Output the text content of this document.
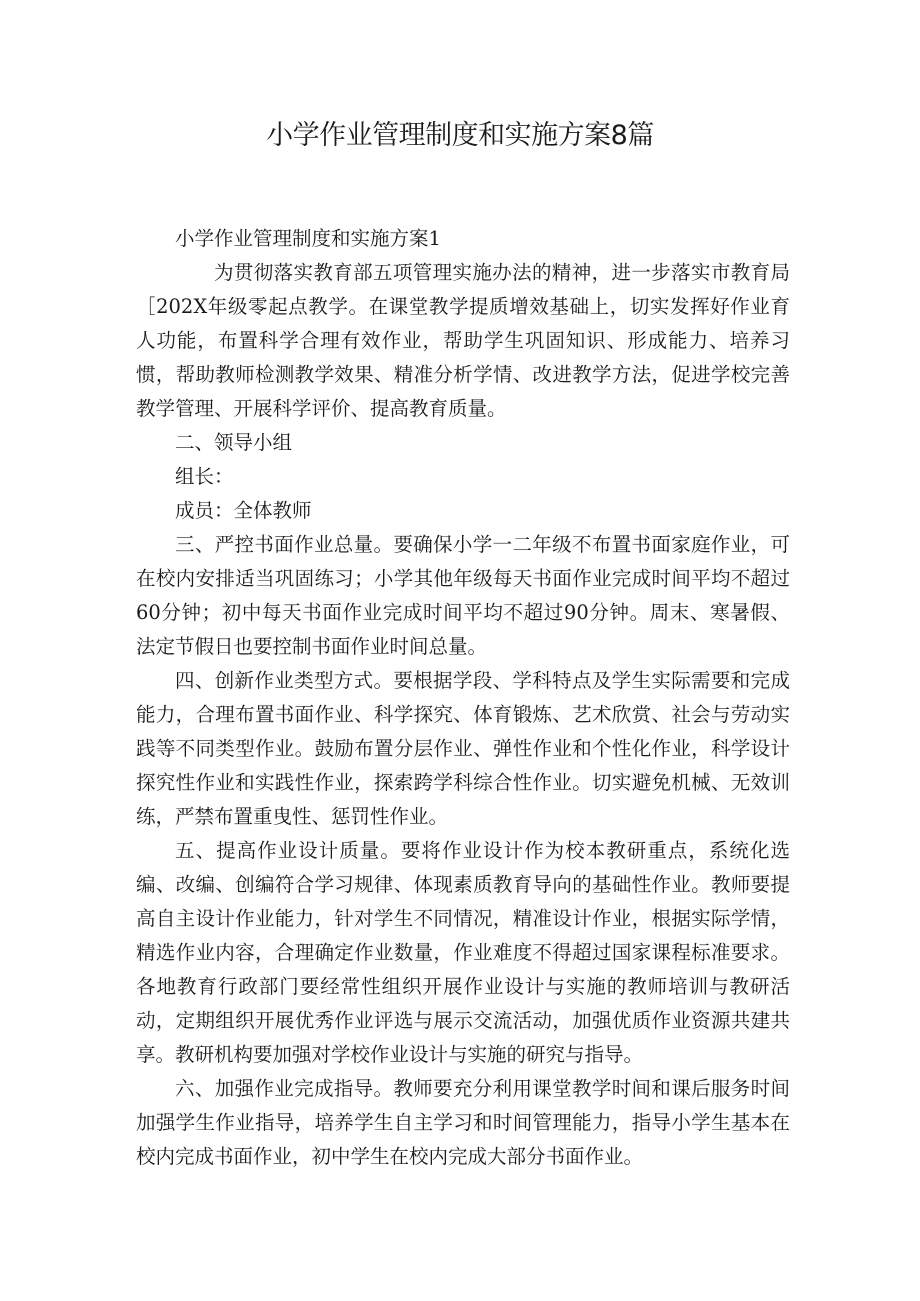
小学作业管理制度和实施方案8篇

小学作业管理制度和实施方案1

为贯彻落实教育部五项管理实施办法的精神，进一步落实市教育局［202X年级零起点教学。在课堂教学提质增效基础上，切实发挥好作业育人功能，布置科学合理有效作业，帮助学生巩固知识、形成能力、培养习惯，帮助教师检测教学效果、精准分析学情、改进教学方法，促进学校完善教学管理、开展科学评价、提高教育质量。

二、领导小组

组长：

成员：全体教师

三、严控书面作业总量。要确保小学一二年级不布置书面家庭作业，可在校内安排适当巩固练习；小学其他年级每天书面作业完成时间平均不超过60分钟；初中每天书面作业完成时间平均不超过90分钟。周末、寒暑假、法定节假日也要控制书面作业时间总量。

四、创新作业类型方式。要根据学段、学科特点及学生实际需要和完成能力，合理布置书面作业、科学探究、体育锻炼、艺术欣赏、社会与劳动实践等不同类型作业。鼓励布置分层作业、弹性作业和个性化作业，科学设计探究性作业和实践性作业，探索跨学科综合性作业。切实避免机械、无效训练，严禁布置重曳性、惩罚性作业。

五、提高作业设计质量。要将作业设计作为校本教研重点，系统化选编、改编、创编符合学习规律、体现素质教育导向的基础性作业。教师要提高自主设计作业能力，针对学生不同情况，精准设计作业，根据实际学情，精选作业内容，合理确定作业数量，作业难度不得超过国家课程标准要求。各地教育行政部门要经常性组织开展作业设计与实施的教师培训与教研活动，定期组织开展优秀作业评选与展示交流活动，加强优质作业资源共建共享。教研机构要加强对学校作业设计与实施的研究与指导。

六、加强作业完成指导。教师要充分利用课堂教学时间和课后服务时间加强学生作业指导，培养学生自主学习和时间管理能力，指导小学生基本在校内完成书面作业，初中学生在校内完成大部分书面作业。
